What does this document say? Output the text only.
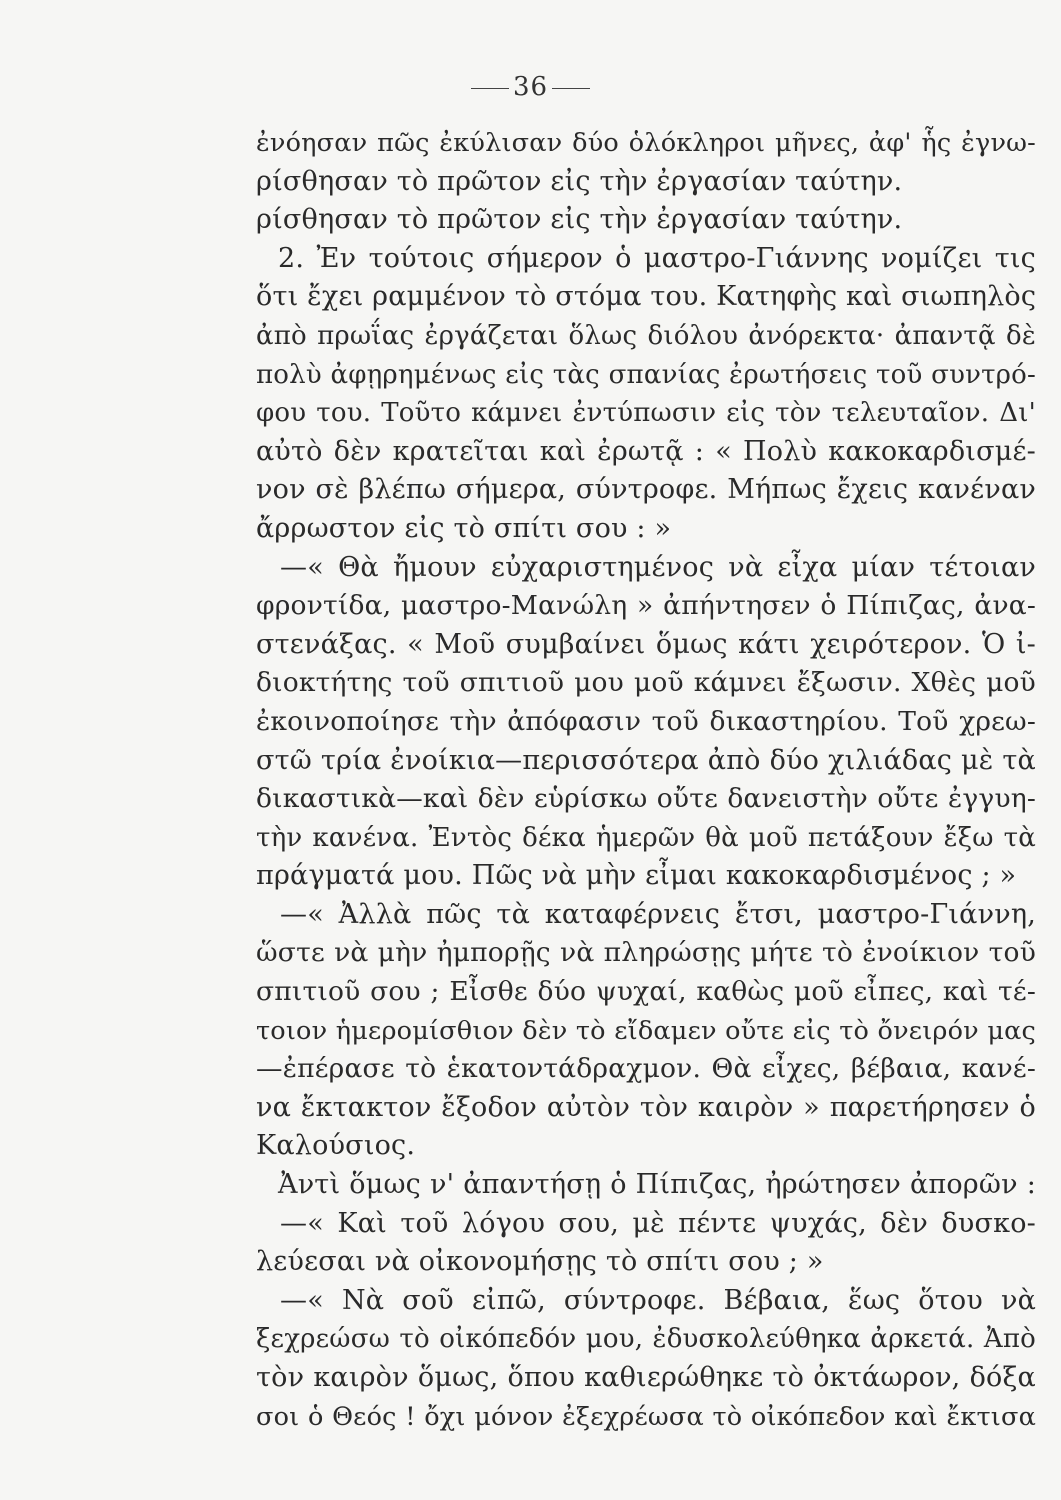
36
ἐνόησαν πῶς ἐκύλισαν δύο ὁλόκληροι μῆνες, ἀφ' ἧς ἐγνω-
ρίσθησαν τὸ πρῶτον εἰς τὴν ἐργασίαν ταύτην.
ρίσθησαν τὸ πρῶτον εἰς τὴν ἐργασίαν ταύτην.
2. Ἐν τούτοις σήμερον ὁ μαστρο-Γιάννης νομίζει τις
ὅτι ἔχει ραμμένον τὸ στόμα του. Κατηφὴς καὶ σιωπηλὸς
ἀπὸ πρωΐας ἐργάζεται ὅλως διόλου ἀνόρεκτα· ἀπαντᾷ δὲ
πολὺ ἀφῃρημένως εἰς τὰς σπανίας ἐρωτήσεις τοῦ συντρό-
φου του. Τοῦτο κάμνει ἐντύπωσιν εἰς τὸν τελευταῖον. Δι'
αὐτὸ δὲν κρατεῖται καὶ ἐρωτᾷ : « Πολὺ κακοκαρδισμέ-
νον σὲ βλέπω σήμερα, σύντροφε. Μήπως ἔχεις κανέναν
ἄρρωστον εἰς τὸ σπίτι σου : »
—« Θὰ ἤμουν εὐχαριστημένος νὰ εἶχα μίαν τέτοιαν
φροντίδα, μαστρο-Μανώλη » ἀπήντησεν ὁ Πίπιζας, ἀνα-
στενάξας. « Μοῦ συμβαίνει ὅμως κάτι χειρότερον. Ὁ ἰ-
διοκτήτης τοῦ σπιτιοῦ μου μοῦ κάμνει ἔξωσιν. Χθὲς μοῦ
ἐκοινοποίησε τὴν ἀπόφασιν τοῦ δικαστηρίου. Τοῦ χρεω-
στῶ τρία ἐνοίκια—περισσότερα ἀπὸ δύο χιλιάδας μὲ τὰ
δικαστικὰ—καὶ δὲν εὑρίσκω οὔτε δανειστὴν οὔτε ἐγγυη-
τὴν κανένα. Ἐντὸς δέκα ἡμερῶν θὰ μοῦ πετάξουν ἔξω τὰ
πράγματά μου. Πῶς νὰ μὴν εἶμαι κακοκαρδισμένος ; »
—« Ἀλλὰ πῶς τὰ καταφέρνεις ἔτσι, μαστρο-Γιάννη,
ὥστε νὰ μὴν ἠμπορῇς νὰ πληρώσῃς μήτε τὸ ἐνοίκιον τοῦ
σπιτιοῦ σου ; Εἶσθε δύο ψυχαί, καθὼς μοῦ εἶπες, καὶ τέ-
τοιον ἡμερομίσθιον δὲν τὸ εἴδαμεν οὔτε εἰς τὸ ὄνειρόν μας
—ἐπέρασε τὸ ἑκατοντάδραχμον. Θὰ εἶχες, βέβαια, κανέ-
να ἔκτακτον ἔξοδον αὐτὸν τὸν καιρὸν » παρετήρησεν ὁ
Καλούσιος.
Ἀντὶ ὅμως ν' ἀπαντήσῃ ὁ Πίπιζας, ἠρώτησεν ἀπορῶν :
—« Καὶ τοῦ λόγου σου, μὲ πέντε ψυχάς, δὲν δυσκο-
λεύεσαι νὰ οἰκονομήσῃς τὸ σπίτι σου ; »
—« Νὰ σοῦ εἰπῶ, σύντροφε. Βέβαια, ἕως ὅτου νὰ
ξεχρεώσω τὸ οἰκόπεδόν μου, ἐδυσκολεύθηκα ἀρκετά. Ἀπὸ
τὸν καιρὸν ὅμως, ὅπου καθιερώθηκε τὸ ὀκτάωρον, δόξα
σοι ὁ Θεός ! ὄχι μόνον ἐξεχρέωσα τὸ οἰκόπεδον καὶ ἔκτισα
